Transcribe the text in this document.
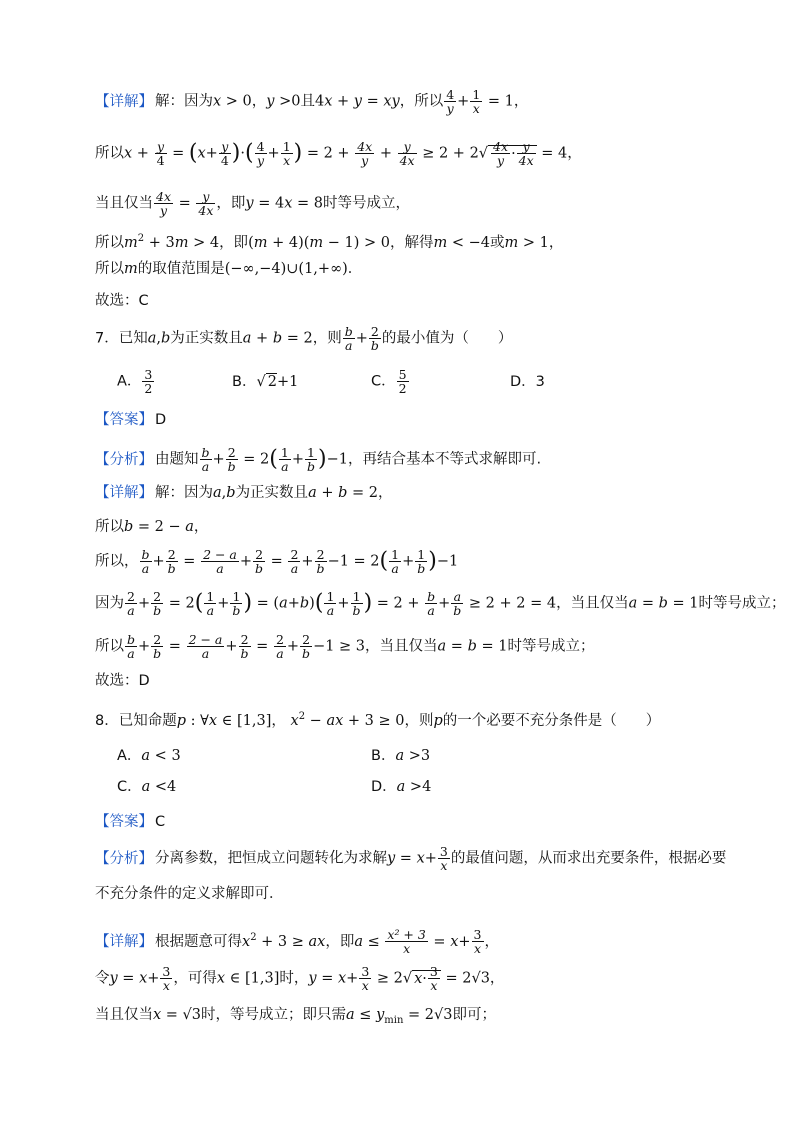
【详解】 解：因为x > 0，y >0且4x + y = xy，所以 $\frac{4}{y} + \frac{1}{x} = 1$，
所以$x + \frac{y}{4} = (x+ \frac{y}{4}$ )·( $\frac{4}{y} + \frac{1}{x}$ ) = $2 + \frac{4x}{y} + \frac{y}{4x} \ge 2 + 2√ \frac{4x}{y} \cdot \frac{y}{4x} = 4$，
当且仅当 $\frac{4x}{y} = \frac{y}{4x}$ ，即y = 4x = 8时等号成立，
所以$m^2 + 3m > 4$，即(m + 4)(m − 1) > 0，解得m < −4或m > 1，
所以m的取值范围是(−∞,−4)∪(1,+∞)．
故选：C
7．已知a,b为正实数且a + b = 2，则 $\frac{b}{a} + \frac{2}{b}$ 的最小值为（　　）
A． $\frac{3}{2}$	B．√ 2+1	C． $\frac{5}{2}$	D．3
【答案】 D
【分析】 由题知 $\frac{b}{a} + \frac{2}{b} = 2( \frac{1}{a} + \frac{1}{b} )-1$，再结合基本不等式求解即可.
【详解】 解：因为a,b为正实数且a + b = 2，
所以b = 2 − a，
所以， $\frac{b}{a} + \frac{2}{b} = \frac{2 - a}{a} + \frac{2}{b} = \frac{2}{a} + \frac{2}{b} -1 = 2( \frac{1}{a} + \frac{1}{b} )-1$
因为 $\frac{2}{a} + \frac{2}{b} = 2( \frac{1}{a} + \frac{1}{b}$ ) = $(a+b)( \frac{1}{a} + \frac{1}{b}$ ) = $2 + \frac{b}{a} + \frac{a}{b} \ge 2 + 2 = 4$，当且仅当a = b = 1时等号成立；
所以 $\frac{b}{a} + \frac{2}{b} = \frac{2 - a}{a} + \frac{2}{b} = \frac{2}{a} + \frac{2}{b} -1 \ge 3$，当且仅当a = b = 1时等号成立；
故选：D
8．已知命题p : ∀x ∈ [1,3]， $x^2$ − ax + 3 ≥ 0，则p的一个必要不充分条件是（　　）
A．a < 3	B．a >3
C．a <4	D．a >4
【答案】 C
【分析】 分离参数，把恒成立问题转化为求解$y = x+ \frac{3}{x}$ 的最值问题，从而求出充要条件，根据必要
不充分条件的定义求解即可．
【详解】 根据题意可得$x^2 + 3$ ≥ ax，即$a \le \frac{\text{x² + 3}}{x} = x+ \frac{3}{x}$ ，
令$y = x+ \frac{3}{x}$ ，可得x ∈ [1,3]时，$y = x+ \frac{3}{x} \ge 2√$ $x\cdot \frac{3}{x} = 2√3$，
当且仅当x = √3时，等号成立；即只需$a \le y_{min} = 2√3$即可；
